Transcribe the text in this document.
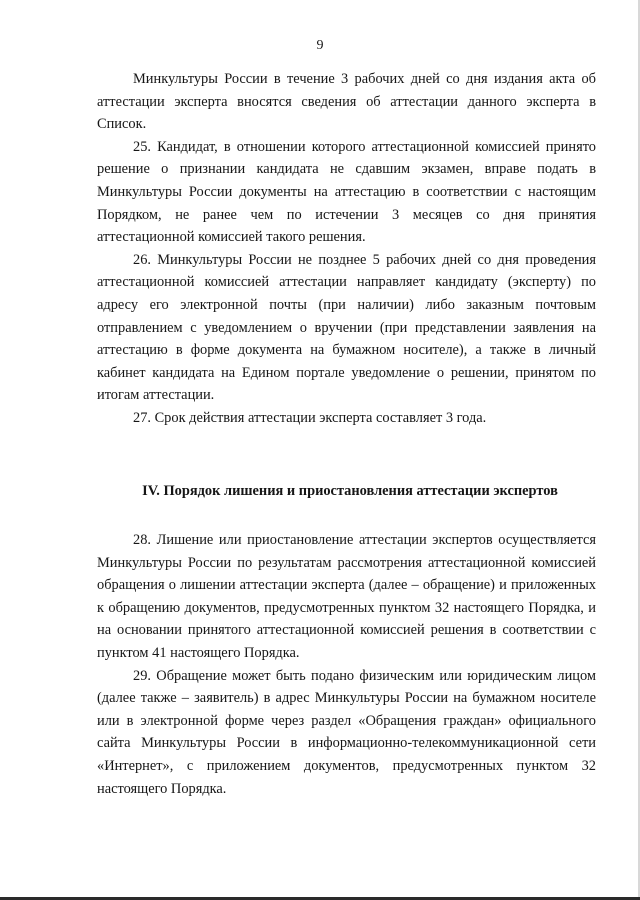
9

Минкультуры России в течение 3 рабочих дней со дня издания акта об аттестации эксперта вносятся сведения об аттестации данного эксперта в Список.

25. Кандидат, в отношении которого аттестационной комиссией принято решение о признании кандидата не сдавшим экзамен, вправе подать в Минкультуры России документы на аттестацию в соответствии с настоящим Порядком, не ранее чем по истечении 3 месяцев со дня принятия аттестационной комиссией такого решения.

26. Минкультуры России не позднее 5 рабочих дней со дня проведения аттестационной комиссией аттестации направляет кандидату (эксперту) по адресу его электронной почты (при наличии) либо заказным почтовым отправлением с уведомлением о вручении (при представлении заявления на аттестацию в форме документа на бумажном носителе), а также в личный кабинет кандидата на Едином портале уведомление о решении, принятом по итогам аттестации.

27. Срок действия аттестации эксперта составляет 3 года.

IV. Порядок лишения и приостановления аттестации экспертов

28. Лишение или приостановление аттестации экспертов осуществляется Минкультуры России по результатам рассмотрения аттестационной комиссией обращения о лишении аттестации эксперта (далее – обращение) и приложенных к обращению документов, предусмотренных пунктом 32 настоящего Порядка, и на основании принятого аттестационной комиссией решения в соответствии с пунктом 41 настоящего Порядка.

29. Обращение может быть подано физическим или юридическим лицом (далее также – заявитель) в адрес Минкультуры России на бумажном носителе или в электронной форме через раздел «Обращения граждан» официального сайта Минкультуры России в информационно-телекоммуникационной сети «Интернет», с приложением документов, предусмотренных пунктом 32 настоящего Порядка.
